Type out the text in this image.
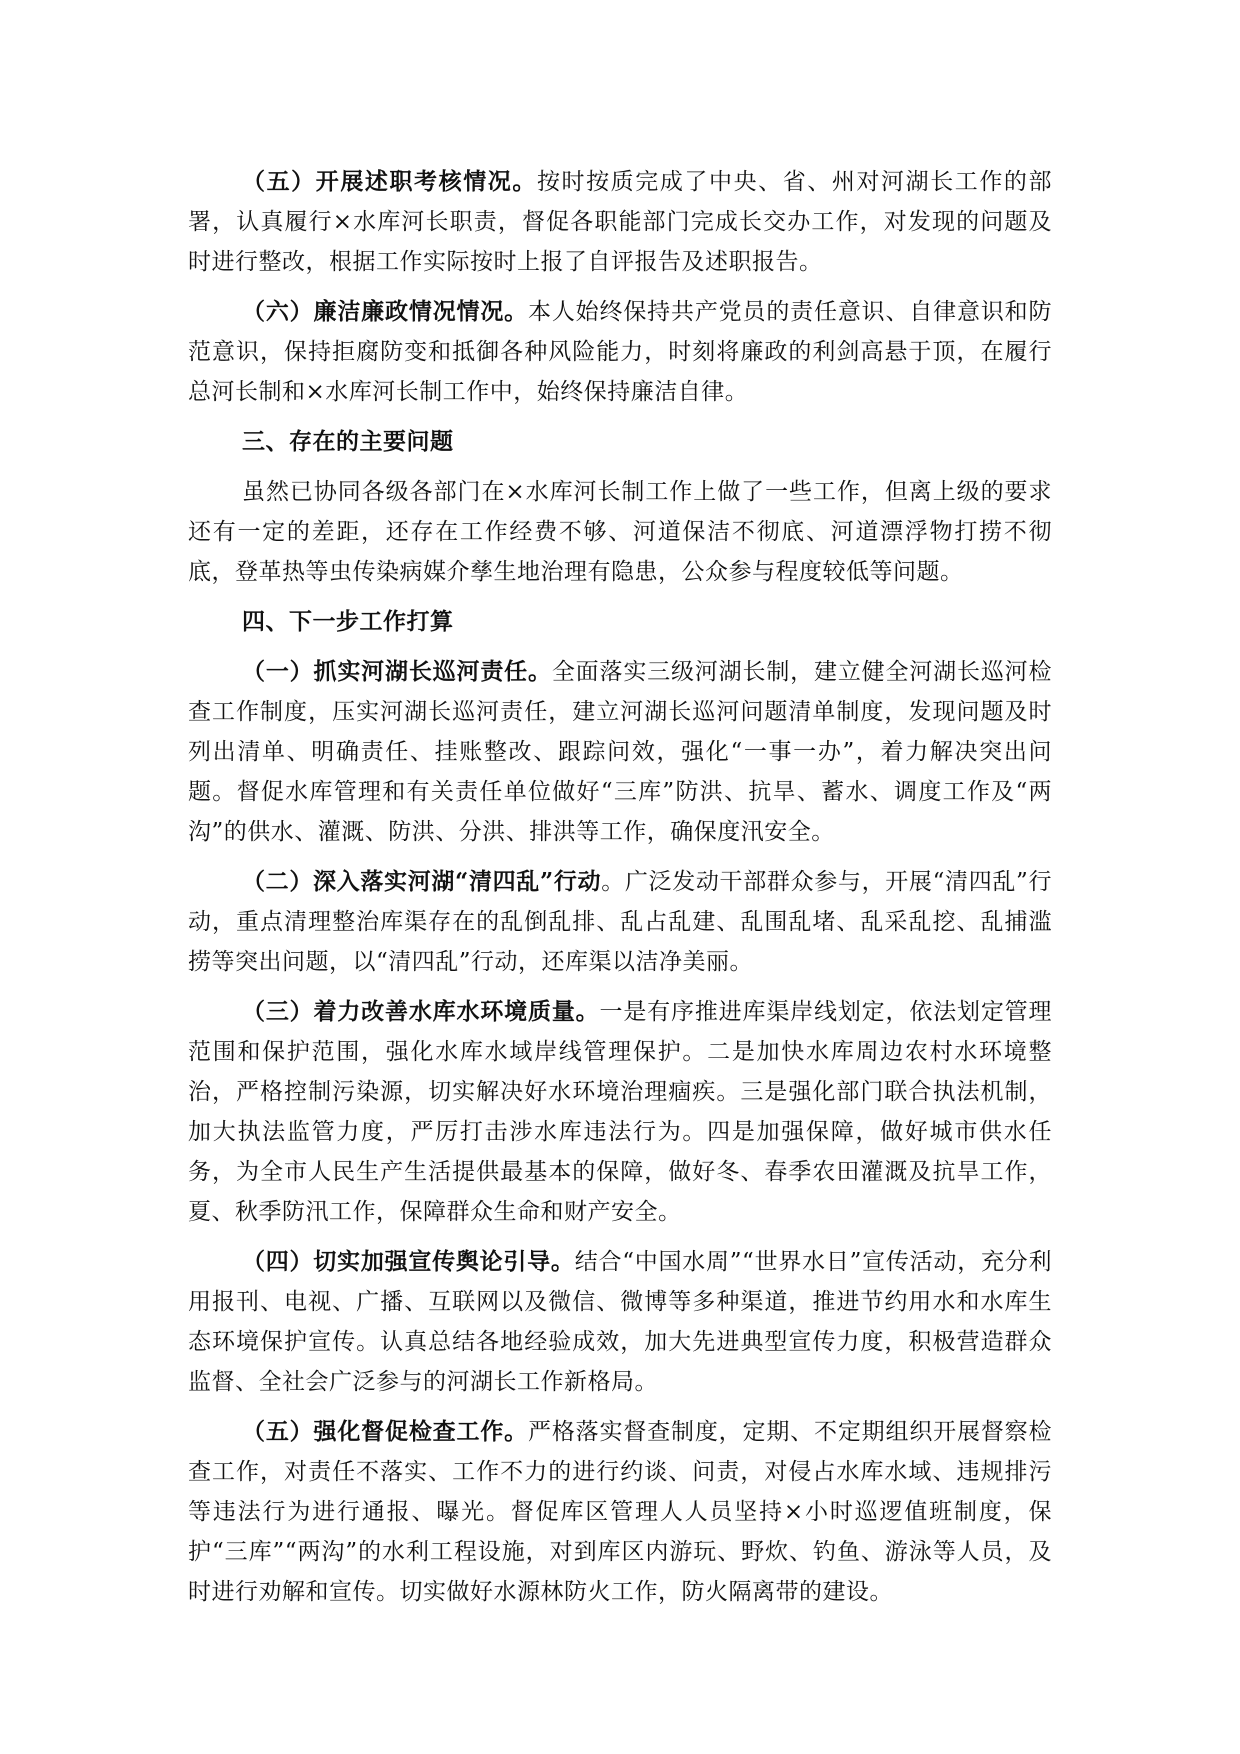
（五）开展述职考核情况。按时按质完成了中央、省、州对河湖长工作的部署，认真履行×水库河长职责，督促各职能部门完成长交办工作，对发现的问题及时进行整改，根据工作实际按时上报了自评报告及述职报告。

（六）廉洁廉政情况情况。本人始终保持共产党员的责任意识、自律意识和防范意识，保持拒腐防变和抵御各种风险能力，时刻将廉政的利剑高悬于顶，在履行总河长制和×水库河长制工作中，始终保持廉洁自律。

三、存在的主要问题

虽然已协同各级各部门在×水库河长制工作上做了一些工作，但离上级的要求还有一定的差距，还存在工作经费不够、河道保洁不彻底、河道漂浮物打捞不彻底，登革热等虫传染病媒介孳生地治理有隐患，公众参与程度较低等问题。

四、下一步工作打算

（一）抓实河湖长巡河责任。全面落实三级河湖长制，建立健全河湖长巡河检查工作制度，压实河湖长巡河责任，建立河湖长巡河问题清单制度，发现问题及时列出清单、明确责任、挂账整改、跟踪问效，强化“一事一办”，着力解决突出问题。督促水库管理和有关责任单位做好“三库”防洪、抗旱、蓄水、调度工作及“两沟”的供水、灌溉、防洪、分洪、排洪等工作，确保度汛安全。

（二）深入落实河湖“清四乱”行动。广泛发动干部群众参与，开展“清四乱”行动，重点清理整治库渠存在的乱倒乱排、乱占乱建、乱围乱堵、乱采乱挖、乱捕滥捞等突出问题，以“清四乱”行动，还库渠以洁净美丽。

（三）着力改善水库水环境质量。一是有序推进库渠岸线划定，依法划定管理范围和保护范围，强化水库水域岸线管理保护。二是加快水库周边农村水环境整治，严格控制污染源，切实解决好水环境治理痼疾。三是强化部门联合执法机制，加大执法监管力度，严厉打击涉水库违法行为。四是加强保障，做好城市供水任务，为全市人民生产生活提供最基本的保障，做好冬、春季农田灌溉及抗旱工作，夏、秋季防汛工作，保障群众生命和财产安全。

（四）切实加强宣传舆论引导。结合“中国水周”“世界水日”宣传活动，充分利用报刊、电视、广播、互联网以及微信、微博等多种渠道，推进节约用水和水库生态环境保护宣传。认真总结各地经验成效，加大先进典型宣传力度，积极营造群众监督、全社会广泛参与的河湖长工作新格局。

（五）强化督促检查工作。严格落实督查制度，定期、不定期组织开展督察检查工作，对责任不落实、工作不力的进行约谈、问责，对侵占水库水域、违规排污等违法行为进行通报、曝光。督促库区管理人人员坚持×小时巡逻值班制度，保护“三库”“两沟”的水利工程设施，对到库区内游玩、野炊、钓鱼、游泳等人员，及时进行劝解和宣传。切实做好水源林防火工作，防火隔离带的建设。
